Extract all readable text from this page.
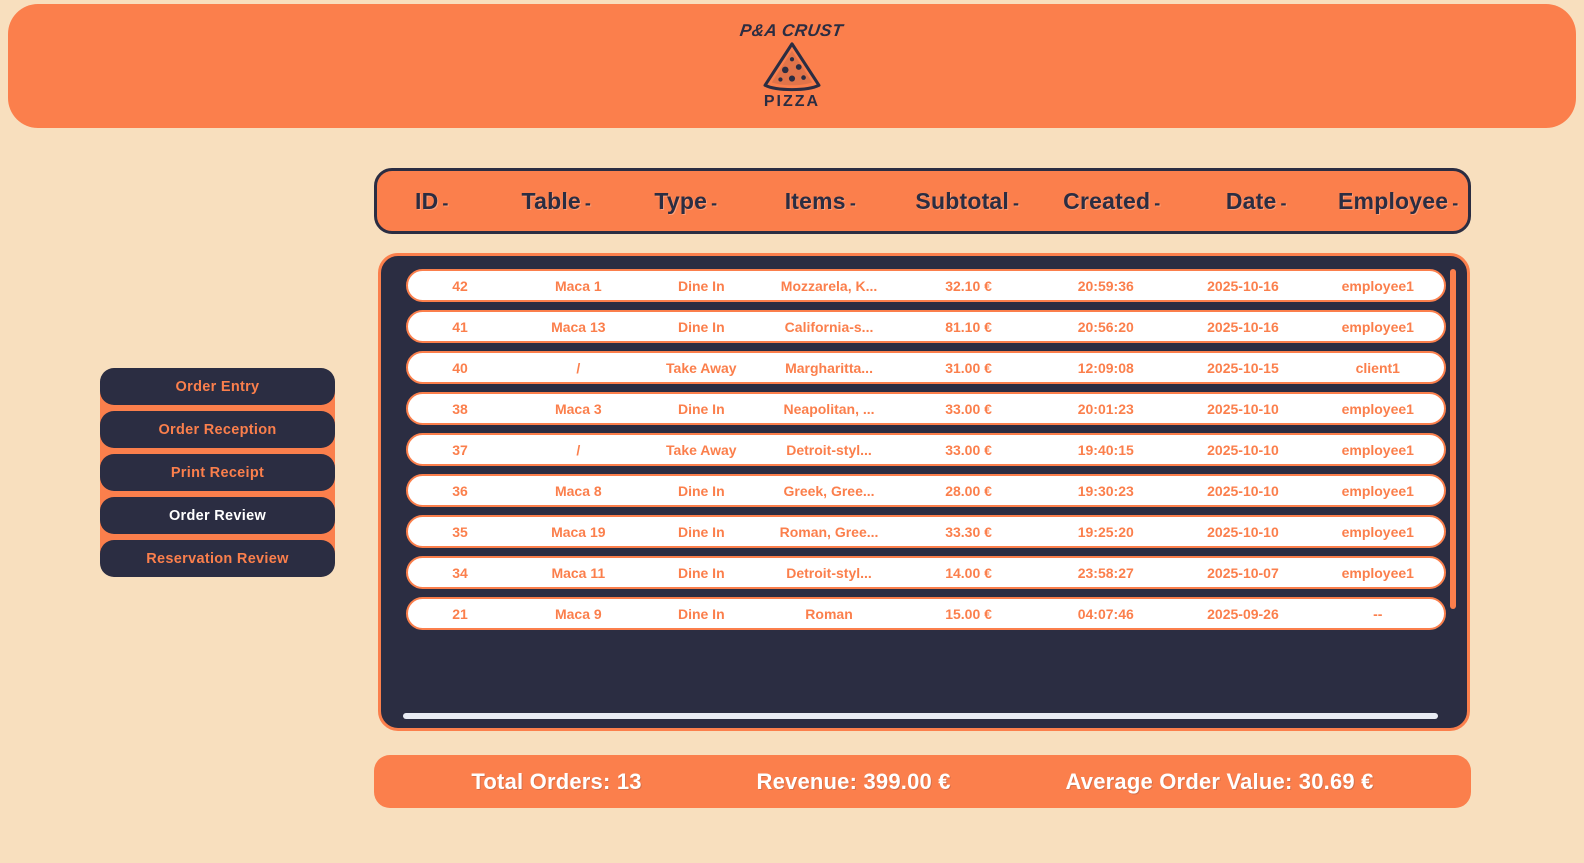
P&A CRUST
PIZZA
Order Entry
Order Reception
Print Receipt
Order Review
Reservation Review
ID -	Table -	Type -	Items -	Subtotal -	Created -	Date -	Employee -
42	Maca 1	Dine In	Mozzarela, K...	32.10 €	20:59:36	2025-10-16	employee1
41	Maca 13	Dine In	California-s...	81.10 €	20:56:20	2025-10-16	employee1
40	/	Take Away	Margharitta...	31.00 €	12:09:08	2025-10-15	client1
38	Maca 3	Dine In	Neapolitan, ...	33.00 €	20:01:23	2025-10-10	employee1
37	/	Take Away	Detroit-styl...	33.00 €	19:40:15	2025-10-10	employee1
36	Maca 8	Dine In	Greek, Gree...	28.00 €	19:30:23	2025-10-10	employee1
35	Maca 19	Dine In	Roman, Gree...	33.30 €	19:25:20	2025-10-10	employee1
34	Maca 11	Dine In	Detroit-styl...	14.00 €	23:58:27	2025-10-07	employee1
21	Maca 9	Dine In	Roman	15.00 €	04:07:46	2025-09-26	--
Total Orders: 13	Revenue: 399.00 €	Average Order Value: 30.69 €
